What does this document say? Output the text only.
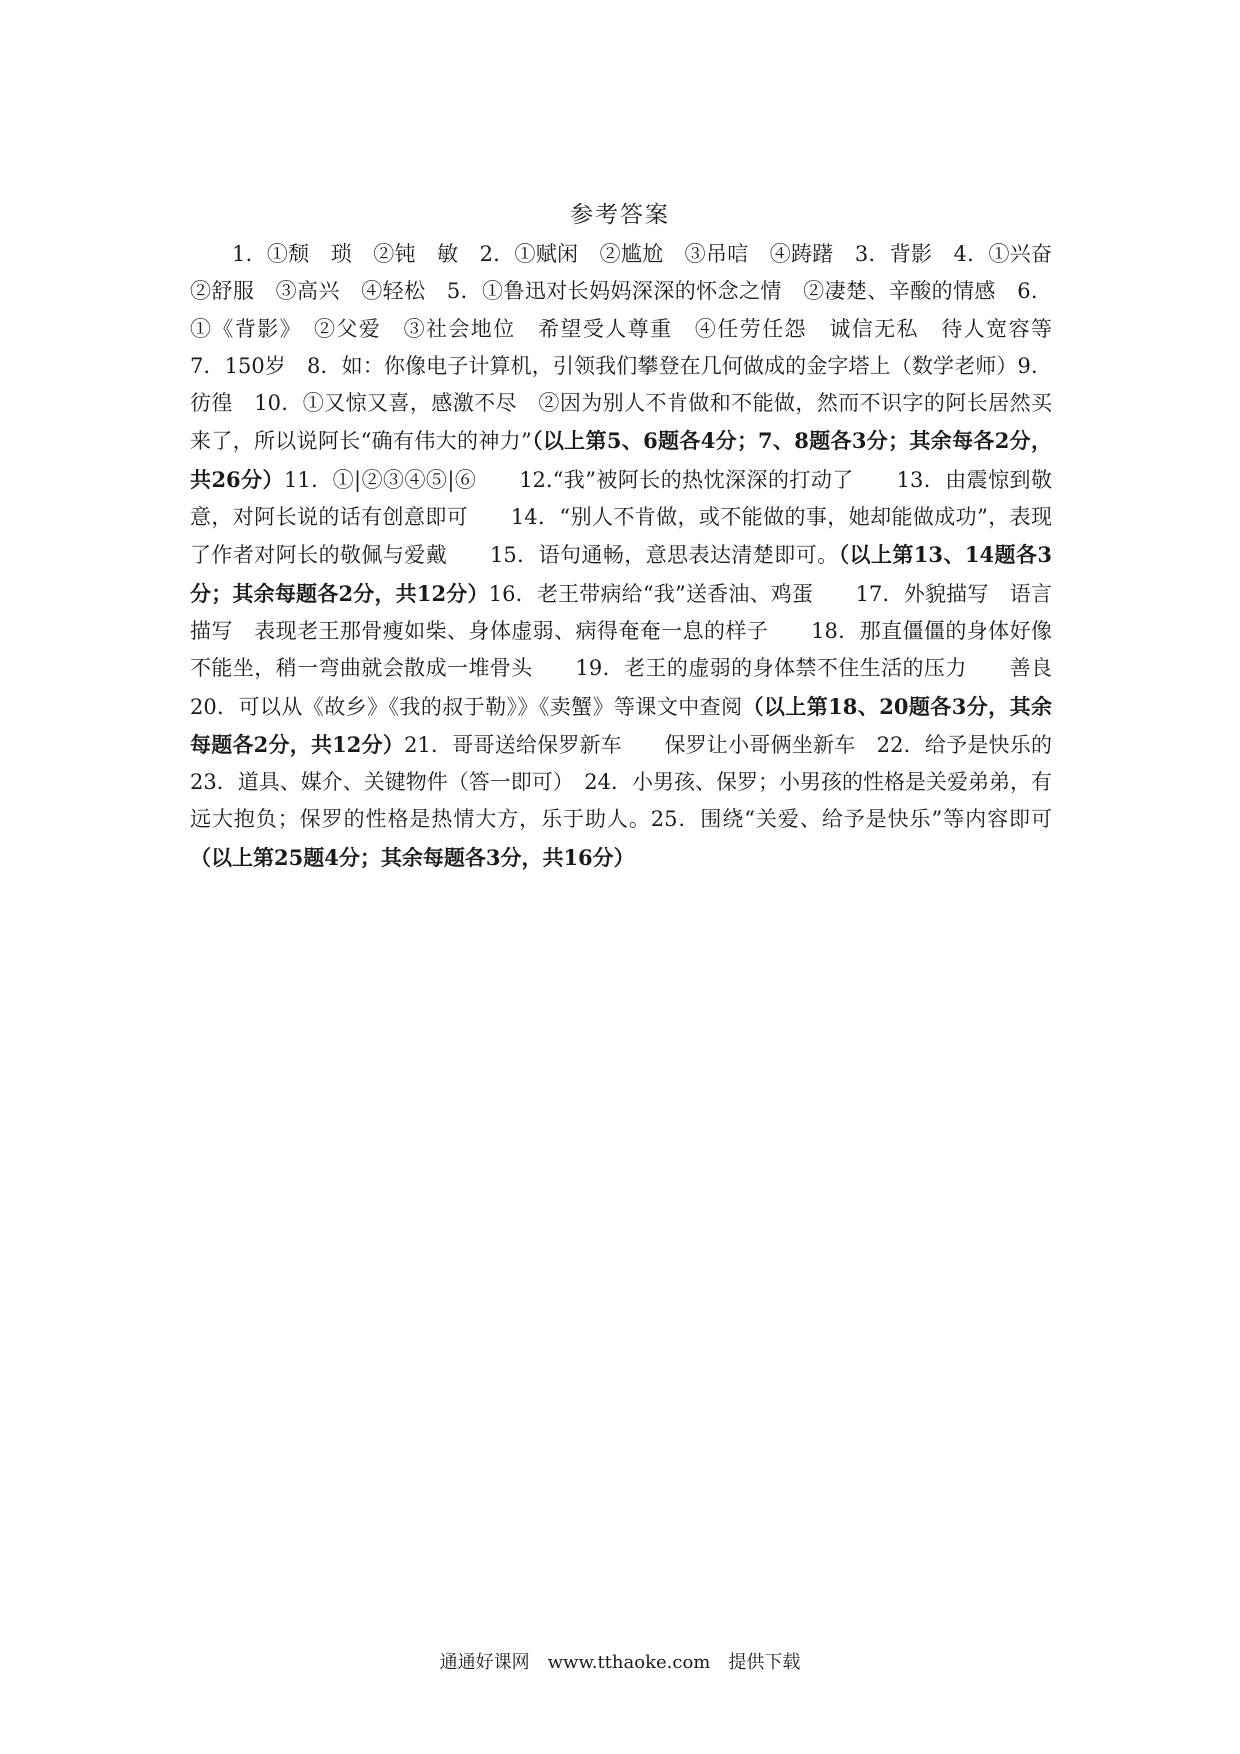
参考答案
1．①颓　琐　②钝　敏　2．①赋闲　②尴尬　③吊唁　④踌躇　3．背影　4．①兴奋　②舒服　③高兴　④轻松　5．①鲁迅对长妈妈深深的怀念之情　②凄楚、辛酸的情感　6．①《背影》　②父爱　③社会地位　希望受人尊重　④任劳任怨　诚信无私　待人宽容等　7．150岁　8．如：你像电子计算机，引领我们攀登在几何做成的金字塔上（数学老师）9．彷徨　10．①又惊又喜，感激不尽　②因为别人不肯做和不能做，然而不识字的阿长居然买来了，所以说阿长“确有伟大的神力”（以上第5、6题各4分；7、8题各3分；其余每各2分，共26分）11．①|②③④⑤|⑥　　12.“我”被阿长的热忱深深的打动了　　13．由震惊到敬意，对阿长说的话有创意即可　　14．“别人不肯做，或不能做的事，她却能做成功”，表现了作者对阿长的敬佩与爱戴　　15．语句通畅，意思表达清楚即可。（以上第13、14题各3分；其余每题各2分，共12分）16．老王带病给“我”送香油、鸡蛋　　17．外貌描写　语言描写　表现老王那骨瘦如柴、身体虚弱、病得奄奄一息的样子　　18．那直僵僵的身体好像不能坐，稍一弯曲就会散成一堆骨头　　19．老王的虚弱的身体禁不住生活的压力　　善良　　20．可以从《故乡》《我的叔于勒》》《卖蟹》等课文中查阅（以上第18、20题各3分，其余每题各2分，共12分）21．哥哥送给保罗新车　　保罗让小哥俩坐新车　22．给予是快乐的　　23．道具、媒介、关键物件（答一即可）　24．小男孩、保罗；小男孩的性格是关爱弟弟，有远大抱负；保罗的性格是热情大方，乐于助人。25．围绕“关爱、给予是快乐”等内容即可（以上第25题4分；其余每题各3分，共16分）
通通好课网　www.tthaoke.com　提供下载
